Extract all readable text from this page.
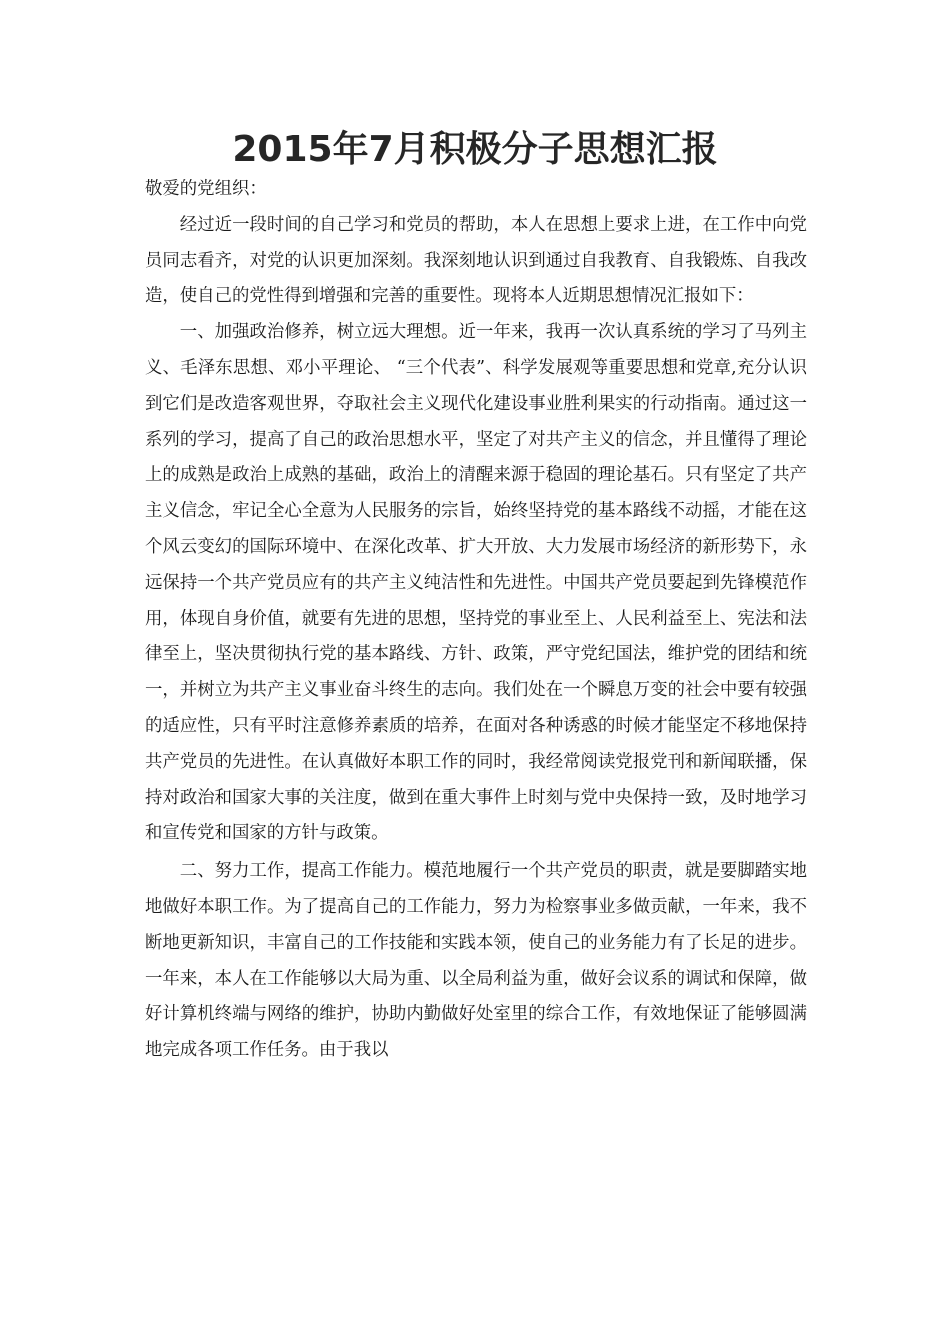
2015年7月积极分子思想汇报

敬爱的党组织：

经过近一段时间的自己学习和党员的帮助，本人在思想上要求上进，在工作中向党员同志看齐，对党的认识更加深刻。我深刻地认识到通过自我教育、自我锻炼、自我改造，使自己的党性得到增强和完善的重要性。现将本人近期思想情况汇报如下：

一、加强政治修养，树立远大理想。近一年来，我再一次认真系统的学习了马列主义、毛泽东思想、邓小平理论、 “三个代表”、科学发展观等重要思想和党章,充分认识到它们是改造客观世界，夺取社会主义现代化建设事业胜利果实的行动指南。通过这一系列的学习，提高了自己的政治思想水平，坚定了对共产主义的信念，并且懂得了理论上的成熟是政治上成熟的基础，政治上的清醒来源于稳固的理论基石。只有坚定了共产主义信念，牢记全心全意为人民服务的宗旨，始终坚持党的基本路线不动摇，才能在这个风云变幻的国际环境中、在深化改革、扩大开放、大力发展市场经济的新形势下，永远保持一个共产党员应有的共产主义纯洁性和先进性。中国共产党员要起到先锋模范作用，体现自身价值，就要有先进的思想，坚持党的事业至上、人民利益至上、宪法和法律至上，坚决贯彻执行党的基本路线、方针、政策，严守党纪国法，维护党的团结和统一，并树立为共产主义事业奋斗终生的志向。我们处在一个瞬息万变的社会中要有较强的适应性，只有平时注意修养素质的培养，在面对各种诱惑的时候才能坚定不移地保持共产党员的先进性。在认真做好本职工作的同时，我经常阅读党报党刊和新闻联播，保持对政治和国家大事的关注度，做到在重大事件上时刻与党中央保持一致，及时地学习和宣传党和国家的方针与政策。

二、努力工作，提高工作能力。模范地履行一个共产党员的职责，就是要脚踏实地地做好本职工作。为了提高自己的工作能力，努力为检察事业多做贡献，一年来，我不断地更新知识，丰富自己的工作技能和实践本领，使自己的业务能力有了长足的进步。一年来，本人在工作能够以大局为重、以全局利益为重，做好会议系的调试和保障，做好计算机终端与网络的维护，协助内勤做好处室里的综合工作，有效地保证了能够圆满地完成各项工作任务。由于我以
